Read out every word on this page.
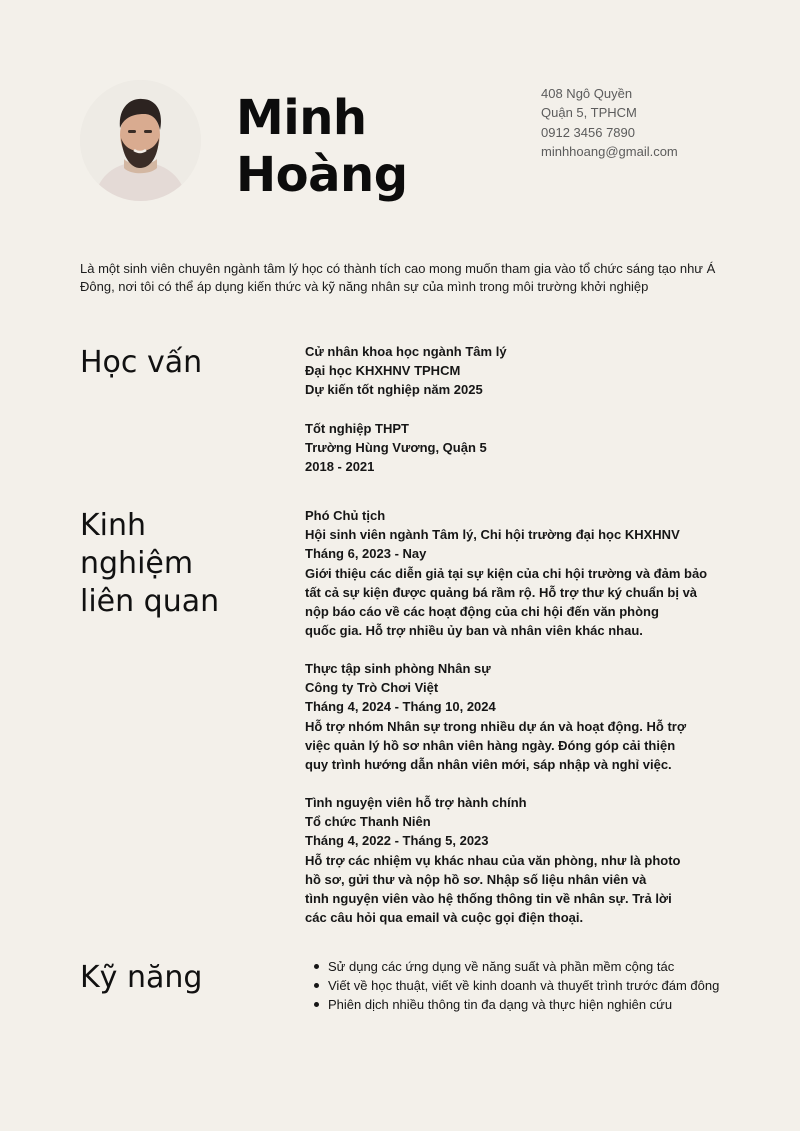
Minh
Hoàng
408 Ngô Quyền
Quận 5, TPHCM
0912 3456 7890
minhhoang@gmail.com

Là một sinh viên chuyên ngành tâm lý học có thành tích cao mong muốn tham gia vào tổ chức sáng tạo như Á Đông, nơi tôi có thể áp dụng kiến thức và kỹ năng nhân sự của mình trong môi trường khởi nghiệp

Học vấn	Cử nhân khoa học ngành Tâm lý
Đại học KHXHNV TPHCM
Dự kiến tốt nghiệp năm 2025
Tốt nghiệp THPT
Trường Hùng Vương, Quận 5
2018 - 2021
Kinh
nghiệm
liên quan
Phó Chủ tịch
Hội sinh viên ngành Tâm lý, Chi hội trường đại học KHXHNV
Tháng 6, 2023 - Nay
Giới thiệu các diễn giả tại sự kiện của chi hội trường và đảm bảo
tất cả sự kiện được quảng bá rầm rộ. Hỗ trợ thư ký chuẩn bị và
nộp báo cáo về các hoạt động của chi hội đến văn phòng
quốc gia. Hỗ trợ nhiều ủy ban và nhân viên khác nhau.
Thực tập sinh phòng Nhân sự
Công ty Trò Chơi Việt
Tháng 4, 2024 - Tháng 10, 2024
Hỗ trợ nhóm Nhân sự trong nhiều dự án và hoạt động. Hỗ trợ
việc quản lý hồ sơ nhân viên hàng ngày. Đóng góp cải thiện
quy trình hướng dẫn nhân viên mới, sáp nhập và nghỉ việc.
Tình nguyện viên hỗ trợ hành chính
Tổ chức Thanh Niên
Tháng 4, 2022 - Tháng 5, 2023
Hỗ trợ các nhiệm vụ khác nhau của văn phòng, như là photo
hồ sơ, gửi thư và nộp hồ sơ. Nhập số liệu nhân viên và
tình nguyện viên vào hệ thống thông tin về nhân sự. Trả lời
các câu hỏi qua email và cuộc gọi điện thoại.
Kỹ năng	Sử dụng các ứng dụng về năng suất và phần mềm cộng tác
Viết về học thuật, viết về kinh doanh và thuyết trình trước đám đông
Phiên dịch nhiều thông tin đa dạng và thực hiện nghiên cứu
